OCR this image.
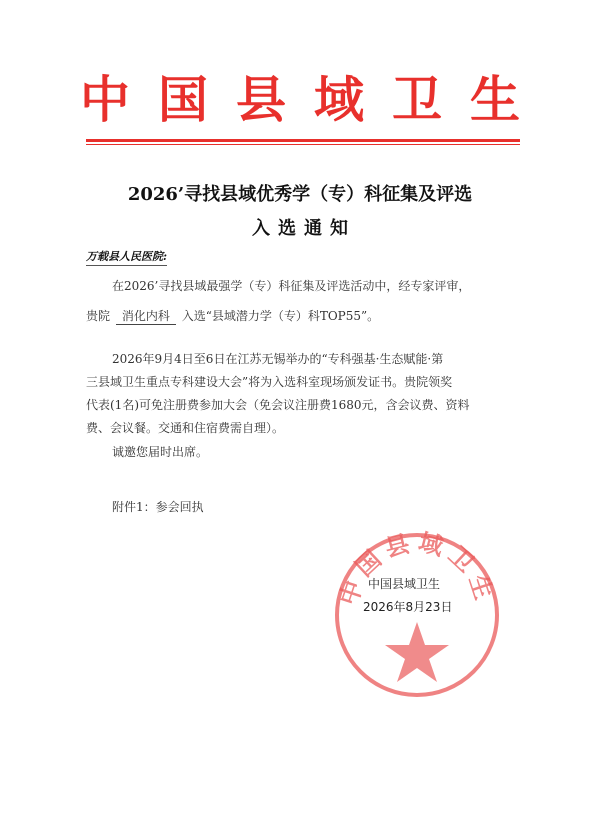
中国县域卫生
2026’寻找县域优秀学（专）科征集及评选
入选通知
万载县人民医院:
在2026’寻找县域最强学（专）科征集及评选活动中，经专家评审，
贵院 消化内科 入选“县域潜力学（专）科TOP55”。
2026年9月4日至6日在江苏无锡举办的“专科强基·生态赋能·第
三县域卫生重点专科建设大会”将为入选科室现场颁发证书。贵院领奖
代表(1名)可免注册费参加大会（免会议注册费1680元，含会议费、资料
费、会议餐。交通和住宿费需自理）。
诚邀您届时出席。
附件1：参会回执
中国县域卫生
中国县域卫生
2026年8月23日
